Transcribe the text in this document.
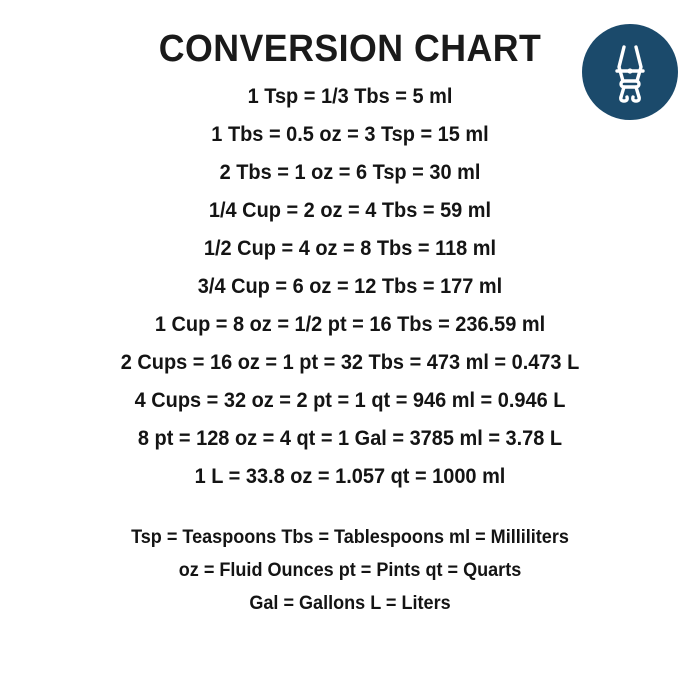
CONVERSION CHART
1 Tsp = 1/3 Tbs = 5 ml
1 Tbs = 0.5 oz = 3 Tsp = 15 ml
2 Tbs = 1 oz = 6 Tsp = 30 ml
1/4 Cup = 2 oz = 4 Tbs = 59 ml
1/2 Cup = 4 oz = 8 Tbs = 118 ml
3/4 Cup = 6 oz = 12 Tbs = 177 ml
1 Cup = 8 oz = 1/2 pt = 16 Tbs = 236.59 ml
2 Cups = 16 oz = 1 pt = 32 Tbs = 473 ml = 0.473 L
4 Cups = 32 oz = 2 pt = 1 qt = 946 ml = 0.946 L
8 pt = 128 oz = 4 qt = 1 Gal = 3785 ml = 3.78 L
1 L = 33.8 oz = 1.057 qt = 1000 ml
Tsp = Teaspoons Tbs = Tablespoons ml = Milliliters
oz = Fluid Ounces pt = Pints qt = Quarts
Gal = Gallons L = Liters
